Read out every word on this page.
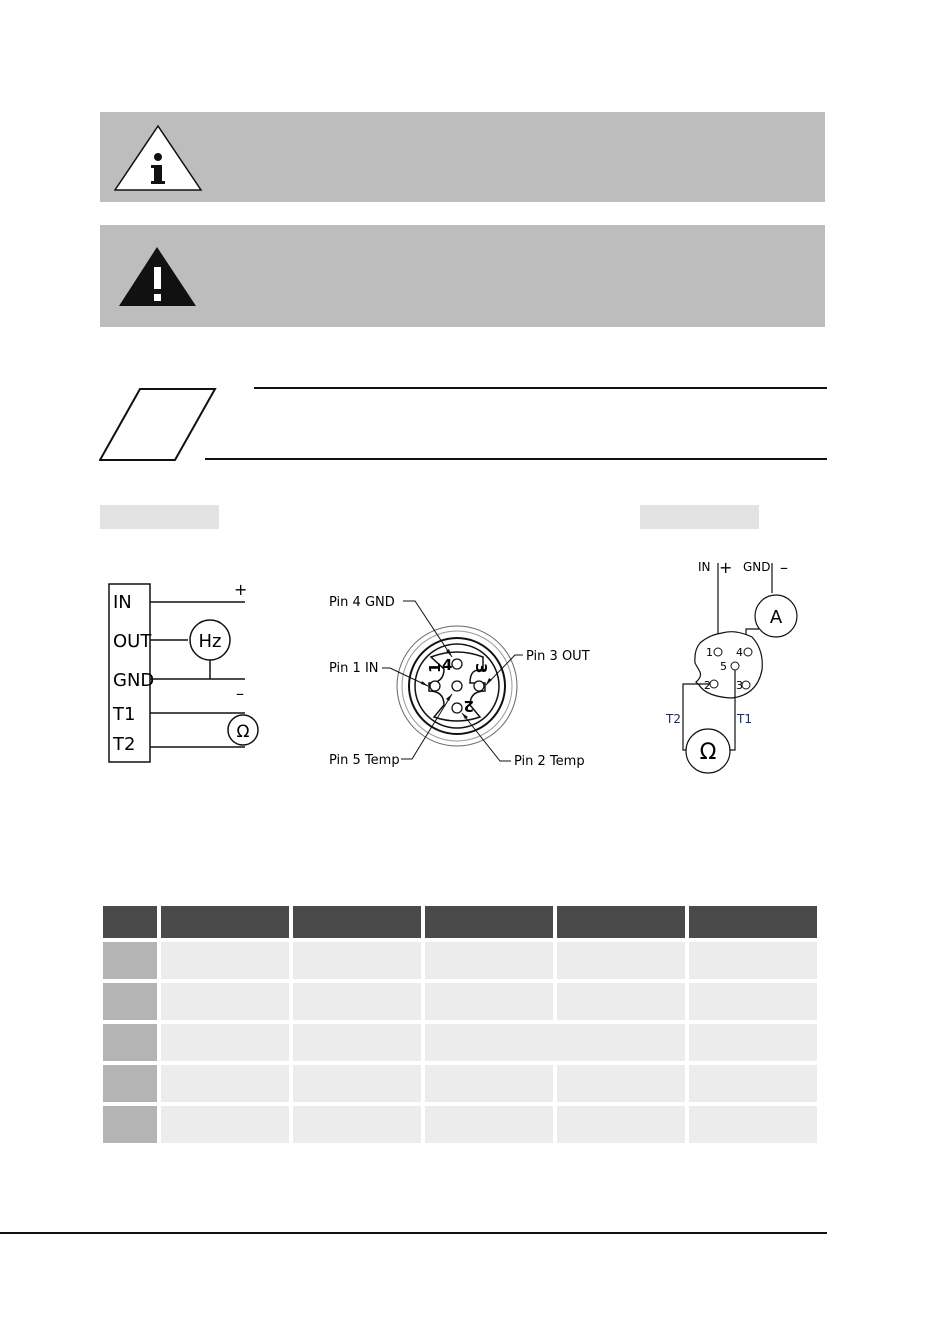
IN
OUT
GND
T1
T2
+
Hz
–
Ω
Pin 4 GND
Pin 1 IN
Pin 5 Temp
Pin 3 OUT
Pin 2 Temp
4 3
1
2
IN + GND –
A
1 4
5
2 3
T2	T1
Ω
